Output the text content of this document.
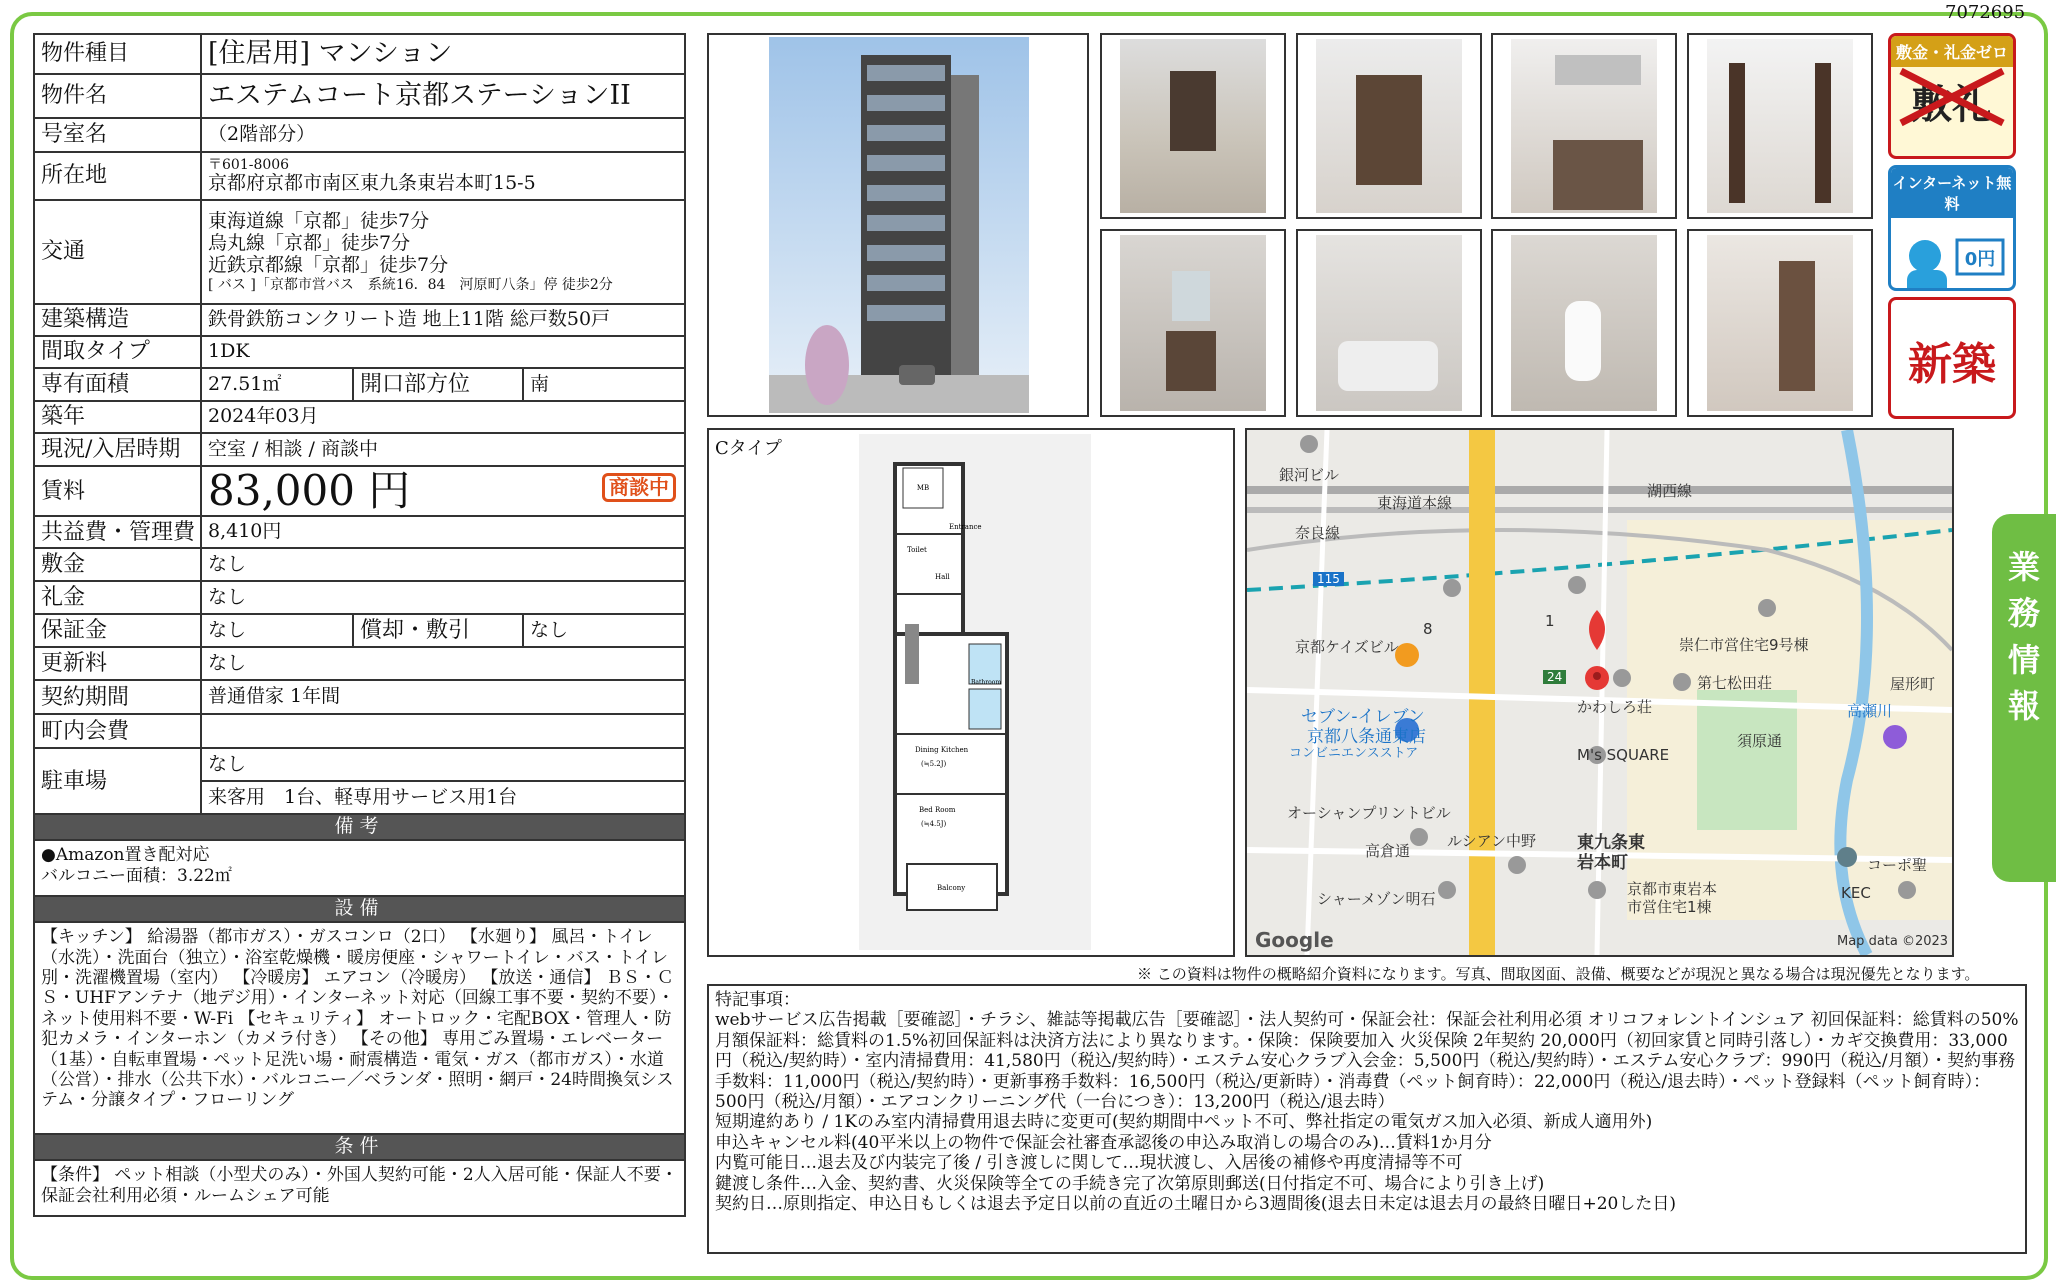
7072695
物件種目	[住居用] マンション		
物件名	エステムコート京都ステーションII		
号室名	（2階部分）		
所在地	〒601-8006
京都府京都市南区東九条東岩本町15-5		

交通	東海道線「京都」徒歩7分
烏丸線「京都」徒歩7分
近鉄京都線「京都」徒歩7分
[ バス ]「京都市営バス　系統16．84　河原町八条」停 徒歩2分		

建築構造	鉄骨鉄筋コンクリート造 地上11階 総戸数50戸		
間取タイプ	1DK		
専有面積	27.51㎡	開口部方位	南
築年	2024年03月		
現況/入居時期	空室 / 相談 / 商談中		
賃料	83,000 円 商談中		

共益費・管理費	8,410円		
敷金	なし		
礼金	なし		
保証金	なし	償却・敷引	なし
更新料	なし		
契約期間	普通借家 1年間		
町内会費			
駐車場	なし		
	来客用　1台、軽専用サービス用1台		
備考			

●Amazon置き配対応
バルコニー面積：3.22㎡			

設備			
【キッチン】 給湯器（都市ガス）・ガスコンロ（2口） 【水廻り】 風呂・トイレ（水洗）・洗面台（独立）・浴室乾燥機・暖房便座・シャワートイレ・バス・トイレ別・洗濯機置場（室内） 【冷暖房】 エアコン（冷暖房） 【放送・通信】 ＢＳ・ＣＳ・UHFアンテナ（地デジ用）・インターネット対応（回線工事不要・契約不要）・ネット使用料不要・W-Fi 【セキュリティ】 オートロック・宅配BOX・管理人・防犯カメラ・インターホン（カメラ付き） 【その他】 専用ごみ置場・エレベーター（1基）・自転車置場・ペット足洗い場・耐震構造・電気・ガス（都市ガス）・水道（公営）・排水（公共下水）・バルコニー／ベランダ・照明・網戸・24時間換気システム・分譲タイプ・フローリング			
条件			
【条件】 ペット相談（小型犬のみ）・外国人契約可能・2人入居可能・保証人不要・保証会社利用必須・ルームシェア可能			
敷金・礼金ゼロ
敷礼
インターネット無料
0円
新築
Cタイプ
MB
Entrance
Toilet
Hall
Bathroom
Dining Kitchen
(≒5.2J)
Bed Room
(≒4.5J)
Balcony
銀河ビル
東海道本線
湖西線
奈良線
115
京都ケイズビル
8	1
崇仁市営住宅9号棟
24	第七松田荘	屋形町
セブン-イレブン
京都八条通東店
コンビニエンスストア
かわしろ荘
M's SQUARE
須原通
高瀬川
オーシャンプリントビル
ルシアン中野 東九条東
岩本町
高倉通
京都市東岩本
市営住宅1棟
シャーメゾン明石	KEC
コーポ聖
Google	Map data ©2023
※ この資料は物件の概略紹介資料になります。写真、間取図面、設備、概要などが現況と異なる場合は現況優先となります。
特記事項：
webサービス広告掲載［要確認］・チラシ、雑誌等掲載広告［要確認］・法人契約可・保証会社：保証会社利用必須 オリコフォレントインシュア 初回保証料：総賃料の50%月額保証料：総賃料の1.5%初回保証料は決済方法により異なります。・保険：保険要加入 火災保険 2年契約 20,000円（初回家賃と同時引落し）・カギ交換費用：33,000円（税込/契約時）・室内清掃費用：41,580円（税込/契約時）・エステム安心クラブ入会金：5,500円（税込/契約時）・エステム安心クラブ：990円（税込/月額）・契約事務手数料：11,000円（税込/契約時）・更新事務手数料：16,500円（税込/更新時）・消毒費（ペット飼育時）：22,000円（税込/退去時）・ペット登録料（ペット飼育時）：500円（税込/月額）・エアコンクリーニング代（一台につき）：13,200円（税込/退去時）
短期違約あり / 1Kのみ室内清掃費用退去時に変更可(契約期間中ペット不可、弊社指定の電気ガス加入必須、新成人適用外)
申込キャンセル料(40平米以上の物件で保証会社審査承認後の申込み取消しの場合のみ)…賃料1か月分
内覧可能日…退去及び内装完了後 / 引き渡しに関して…現状渡し、入居後の補修や再度清掃等不可
鍵渡し条件…入金、契約書、火災保険等全ての手続き完了次第原則郵送(日付指定不可、場合により引き上げ)
契約日…原則指定、申込日もしくは退去予定日以前の直近の土曜日から3週間後(退去日未定は退去月の最終日曜日+20した日)
業
務
情
報
